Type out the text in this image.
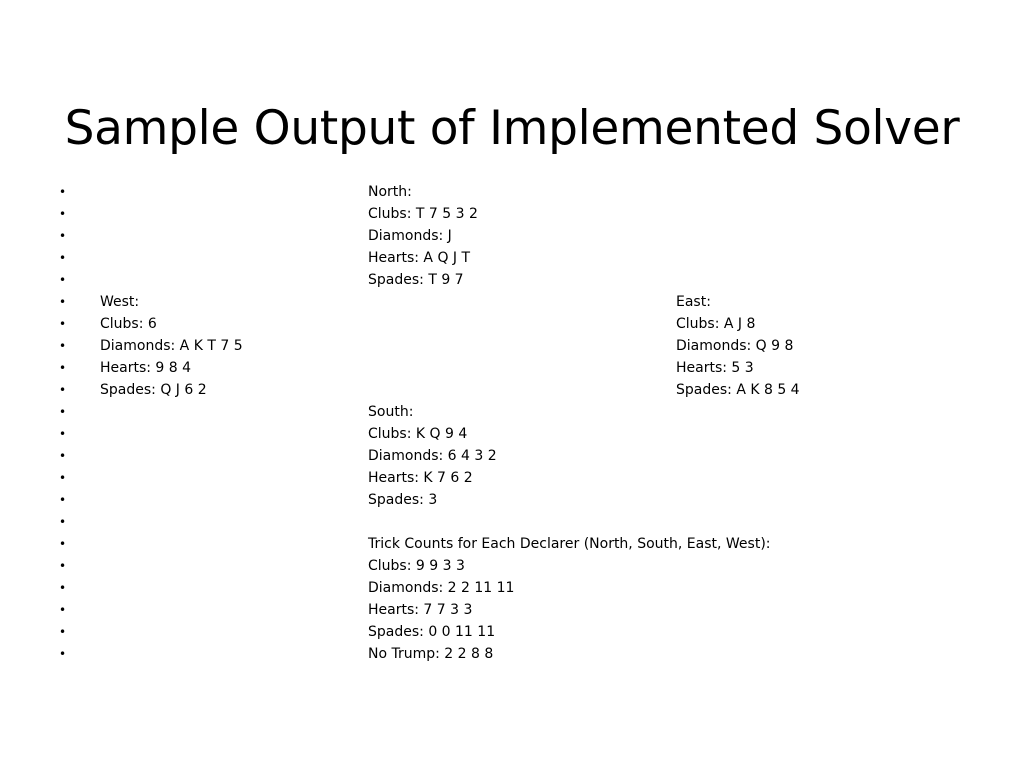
Sample Output of Implemented Solver
•	North:
•	Clubs: T 7 5 3 2
•	Diamonds: J
•	Hearts: A Q J T
•	Spades: T 9 7
• West:	East:
• Clubs: 6	Clubs: A J 8
• Diamonds: A K T 7 5	Diamonds: Q 9 8
• Hearts: 9 8 4	Hearts: 5 3
• Spades: Q J 6 2	Spades: A K 8 5 4
•	South:
•	Clubs: K Q 9 4
•	Diamonds: 6 4 3 2
•	Hearts: K 7 6 2
•	Spades: 3
•
•	Trick Counts for Each Declarer (North, South, East, West):
•	Clubs: 9 9 3 3
•	Diamonds: 2 2 11 11
•	Hearts: 7 7 3 3
•	Spades: 0 0 11 11
•	No Trump: 2 2 8 8
